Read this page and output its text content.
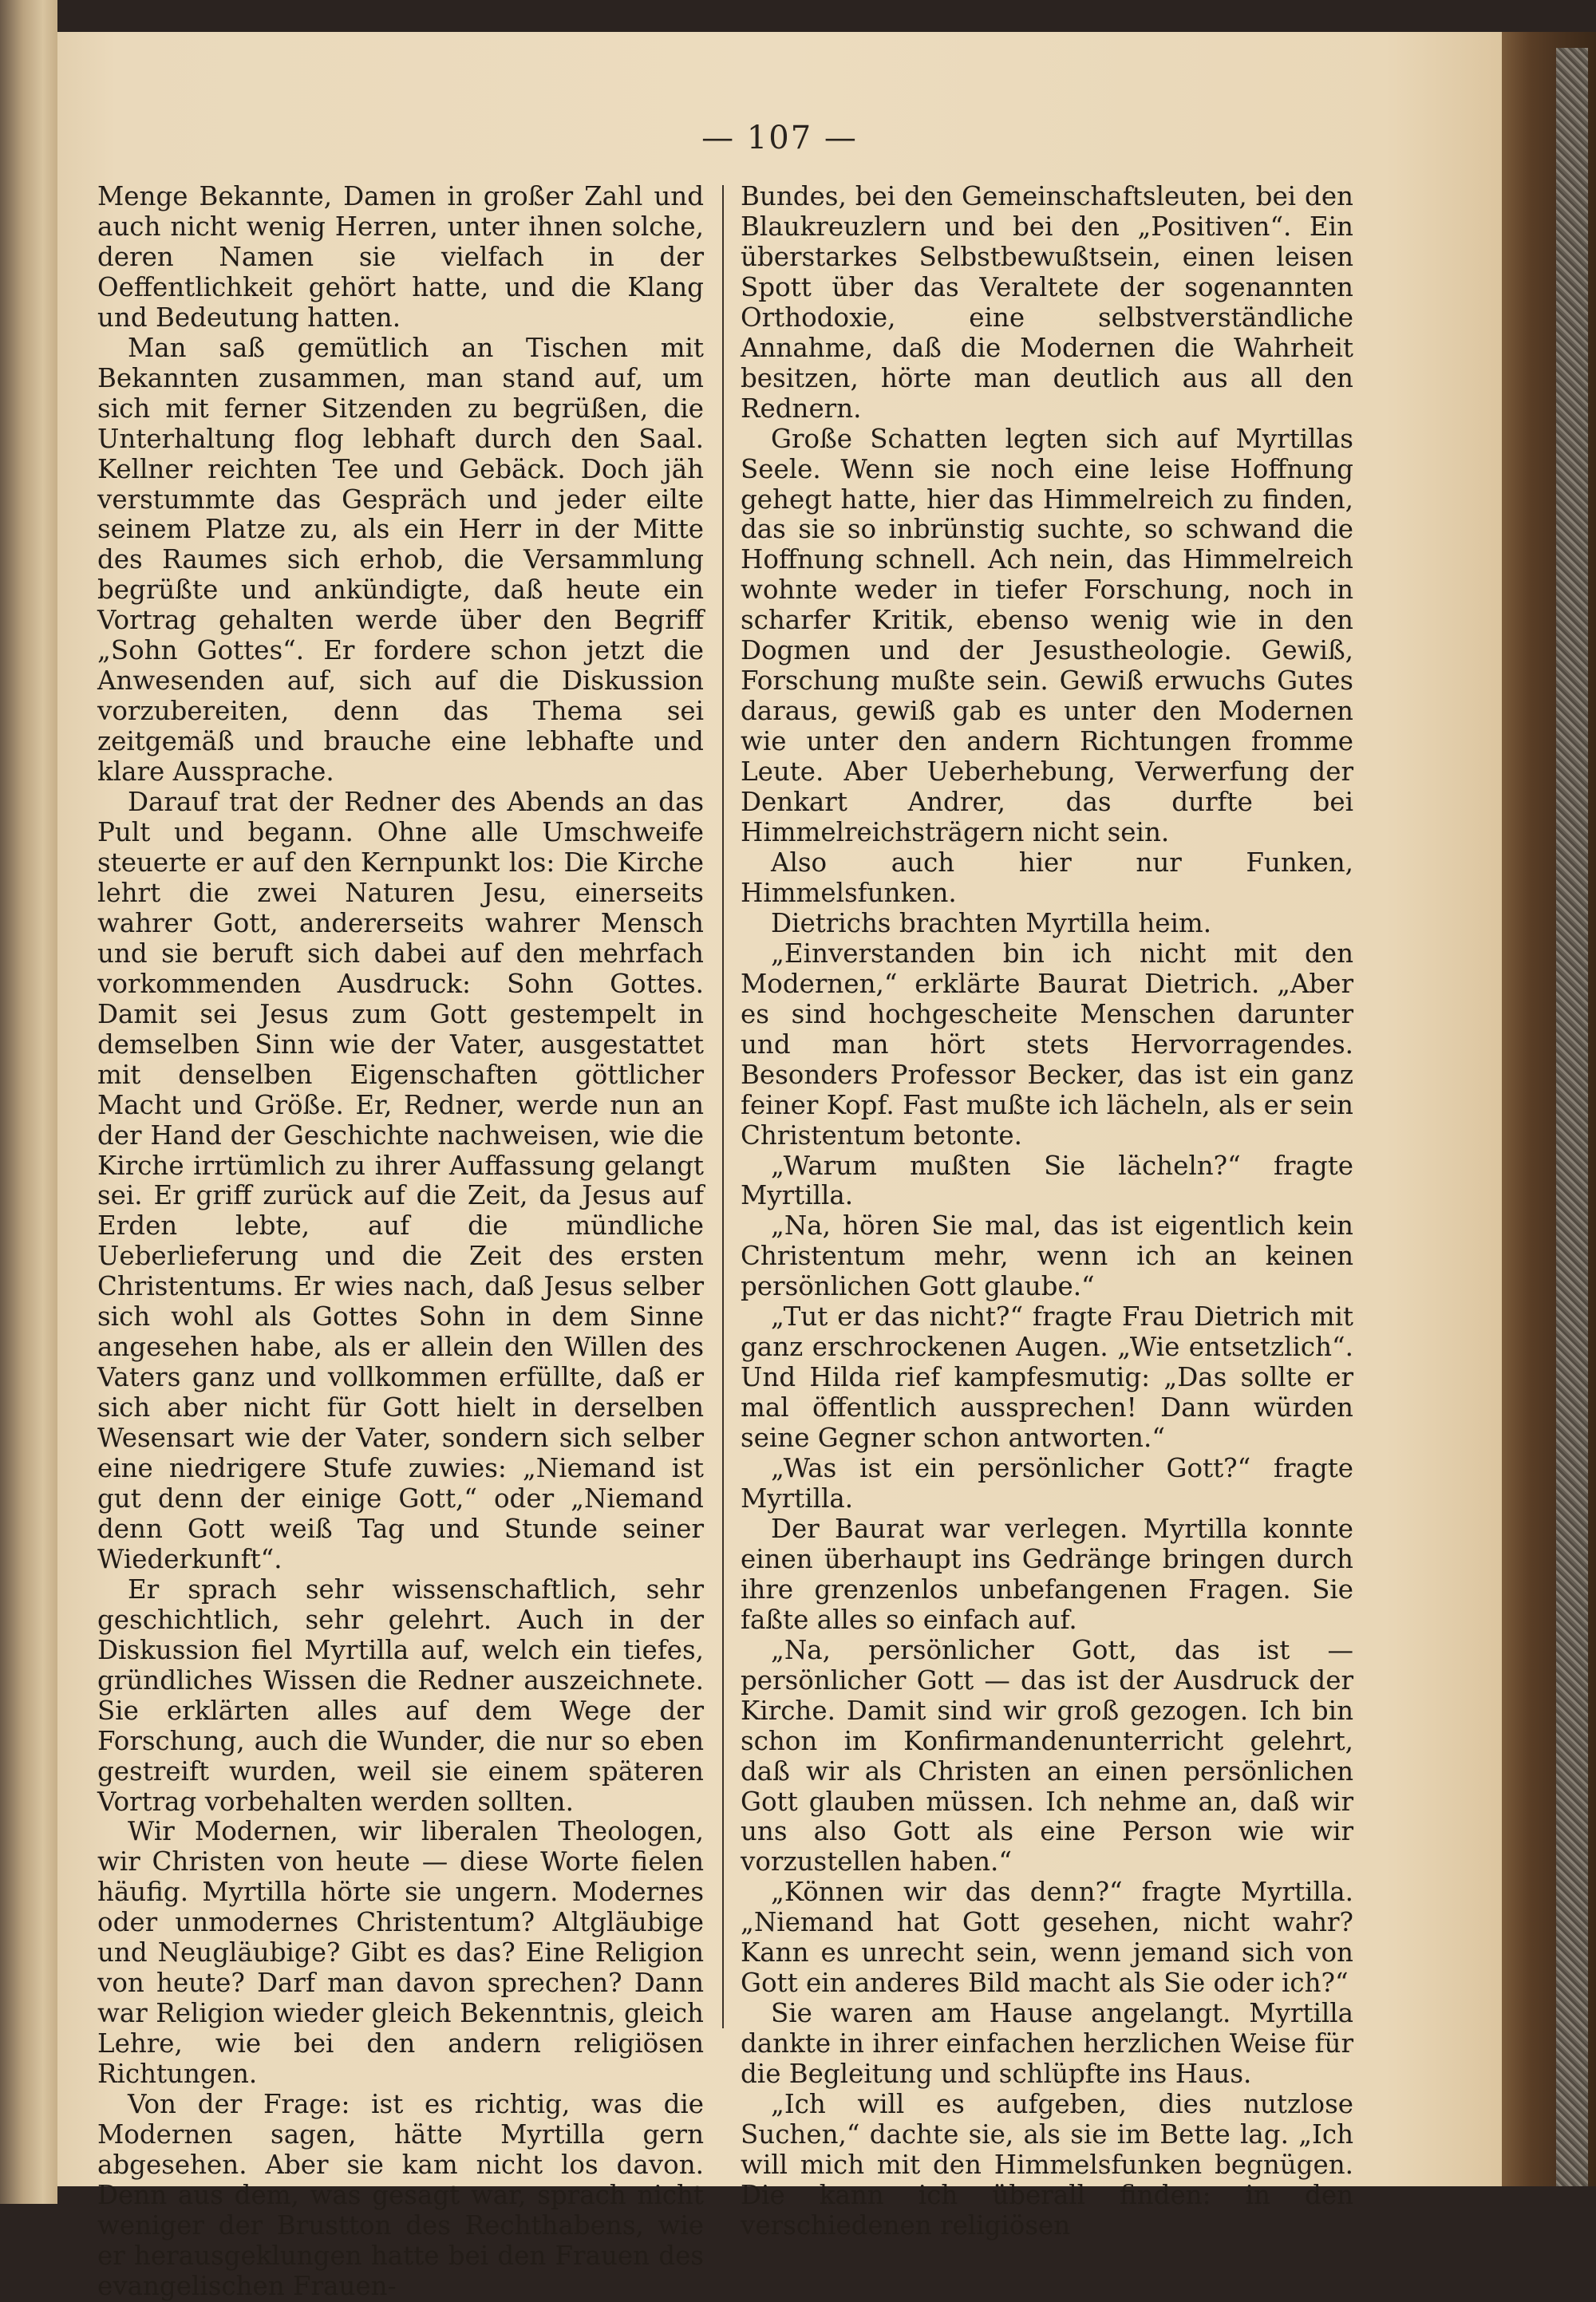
— 107 —

Menge Bekannte, Damen in großer Zahl und auch nicht wenig Herren, unter ihnen solche, deren Namen sie vielfach in der Oeffentlichkeit gehört hatte, und die Klang und Bedeutung hatten.

Man saß gemütlich an Tischen mit Bekannten zusammen, man stand auf, um sich mit ferner Sitzenden zu begrüßen, die Unterhaltung flog lebhaft durch den Saal. Kellner reichten Tee und Gebäck. Doch jäh verstummte das Gespräch und jeder eilte seinem Platze zu, als ein Herr in der Mitte des Raumes sich erhob, die Versammlung begrüßte und ankündigte, daß heute ein Vortrag gehalten werde über den Begriff „Sohn Gottes“. Er fordere schon jetzt die Anwesenden auf, sich auf die Diskussion vorzubereiten, denn das Thema sei zeitgemäß und brauche eine lebhafte und klare Aussprache.

Darauf trat der Redner des Abends an das Pult und begann. Ohne alle Umschweife steuerte er auf den Kernpunkt los: Die Kirche lehrt die zwei Naturen Jesu, einerseits wahrer Gott, andererseits wahrer Mensch und sie beruft sich dabei auf den mehrfach vorkommenden Ausdruck: Sohn Gottes. Damit sei Jesus zum Gott gestempelt in demselben Sinn wie der Vater, ausgestattet mit denselben Eigenschaften göttlicher Macht und Größe. Er, Redner, werde nun an der Hand der Geschichte nachweisen, wie die Kirche irrtümlich zu ihrer Auffassung gelangt sei. Er griff zurück auf die Zeit, da Jesus auf Erden lebte, auf die mündliche Ueberlieferung und die Zeit des ersten Christentums. Er wies nach, daß Jesus selber sich wohl als Gottes Sohn in dem Sinne angesehen habe, als er allein den Willen des Vaters ganz und vollkommen erfüllte, daß er sich aber nicht für Gott hielt in derselben Wesensart wie der Vater, sondern sich selber eine niedrigere Stufe zuwies: „Niemand ist gut denn der einige Gott,“ oder „Niemand denn Gott weiß Tag und Stunde seiner Wiederkunft“.

Er sprach sehr wissenschaftlich, sehr geschichtlich, sehr gelehrt. Auch in der Diskussion fiel Myrtilla auf, welch ein tiefes, gründliches Wissen die Redner auszeichnete. Sie erklärten alles auf dem Wege der Forschung, auch die Wunder, die nur so eben gestreift wurden, weil sie einem späteren Vortrag vorbehalten werden sollten.

Wir Modernen, wir liberalen Theologen, wir Christen von heute — diese Worte fielen häufig. Myrtilla hörte sie ungern. Modernes oder unmodernes Christentum? Altgläubige und Neugläubige? Gibt es das? Eine Religion von heute? Darf man davon sprechen? Dann war Religion wieder gleich Bekenntnis, gleich Lehre, wie bei den andern religiösen Richtungen.

Von der Frage: ist es richtig, was die Modernen sagen, hätte Myrtilla gern abgesehen. Aber sie kam nicht los davon. Denn aus dem, was gesagt war, sprach nicht weniger der Brustton des Rechthabens, wie er herausgeklungen hatte bei den Frauen des evangelischen Frauen-

Bundes, bei den Gemeinschaftsleuten, bei den Blaukreuzlern und bei den „Positiven“. Ein überstarkes Selbstbewußtsein, einen leisen Spott über das Veraltete der sogenannten Orthodoxie, eine selbstverständliche Annahme, daß die Modernen die Wahrheit besitzen, hörte man deutlich aus all den Rednern.

Große Schatten legten sich auf Myrtillas Seele. Wenn sie noch eine leise Hoffnung gehegt hatte, hier das Himmelreich zu finden, das sie so inbrünstig suchte, so schwand die Hoffnung schnell. Ach nein, das Himmelreich wohnte weder in tiefer Forschung, noch in scharfer Kritik, ebenso wenig wie in den Dogmen und der Jesustheologie. Gewiß, Forschung mußte sein. Gewiß erwuchs Gutes daraus, gewiß gab es unter den Modernen wie unter den andern Richtungen fromme Leute. Aber Ueberhebung, Verwerfung der Denkart Andrer, das durfte bei Himmelreichsträgern nicht sein.

Also auch hier nur Funken, Himmelsfunken.

Dietrichs brachten Myrtilla heim.

„Einverstanden bin ich nicht mit den Modernen,“ erklärte Baurat Dietrich. „Aber es sind hochgescheite Menschen darunter und man hört stets Hervorragendes. Besonders Professor Becker, das ist ein ganz feiner Kopf. Fast mußte ich lächeln, als er sein Christentum betonte.

„Warum mußten Sie lächeln?“ fragte Myrtilla.

„Na, hören Sie mal, das ist eigentlich kein Christentum mehr, wenn ich an keinen persönlichen Gott glaube.“

„Tut er das nicht?“ fragte Frau Dietrich mit ganz erschrockenen Augen. „Wie entsetzlich“. Und Hilda rief kampfesmutig: „Das sollte er mal öffentlich aussprechen! Dann würden seine Gegner schon antworten.“

„Was ist ein persönlicher Gott?“ fragte Myrtilla.

Der Baurat war verlegen. Myrtilla konnte einen überhaupt ins Gedränge bringen durch ihre grenzenlos unbefangenen Fragen. Sie faßte alles so einfach auf.

„Na, persönlicher Gott, das ist — persönlicher Gott — das ist der Ausdruck der Kirche. Damit sind wir groß gezogen. Ich bin schon im Konfirmandenunterricht gelehrt, daß wir als Christen an einen persönlichen Gott glauben müssen. Ich nehme an, daß wir uns also Gott als eine Person wie wir vorzustellen haben.“

„Können wir das denn?“ fragte Myrtilla. „Niemand hat Gott gesehen, nicht wahr? Kann es unrecht sein, wenn jemand sich von Gott ein anderes Bild macht als Sie oder ich?“

Sie waren am Hause angelangt. Myrtilla dankte in ihrer einfachen herzlichen Weise für die Begleitung und schlüpfte ins Haus.

„Ich will es aufgeben, dies nutzlose Suchen,“ dachte sie, als sie im Bette lag. „Ich will mich mit den Himmelsfunken begnügen. Die kann ich überall finden: in den verschiedenen religiösen
